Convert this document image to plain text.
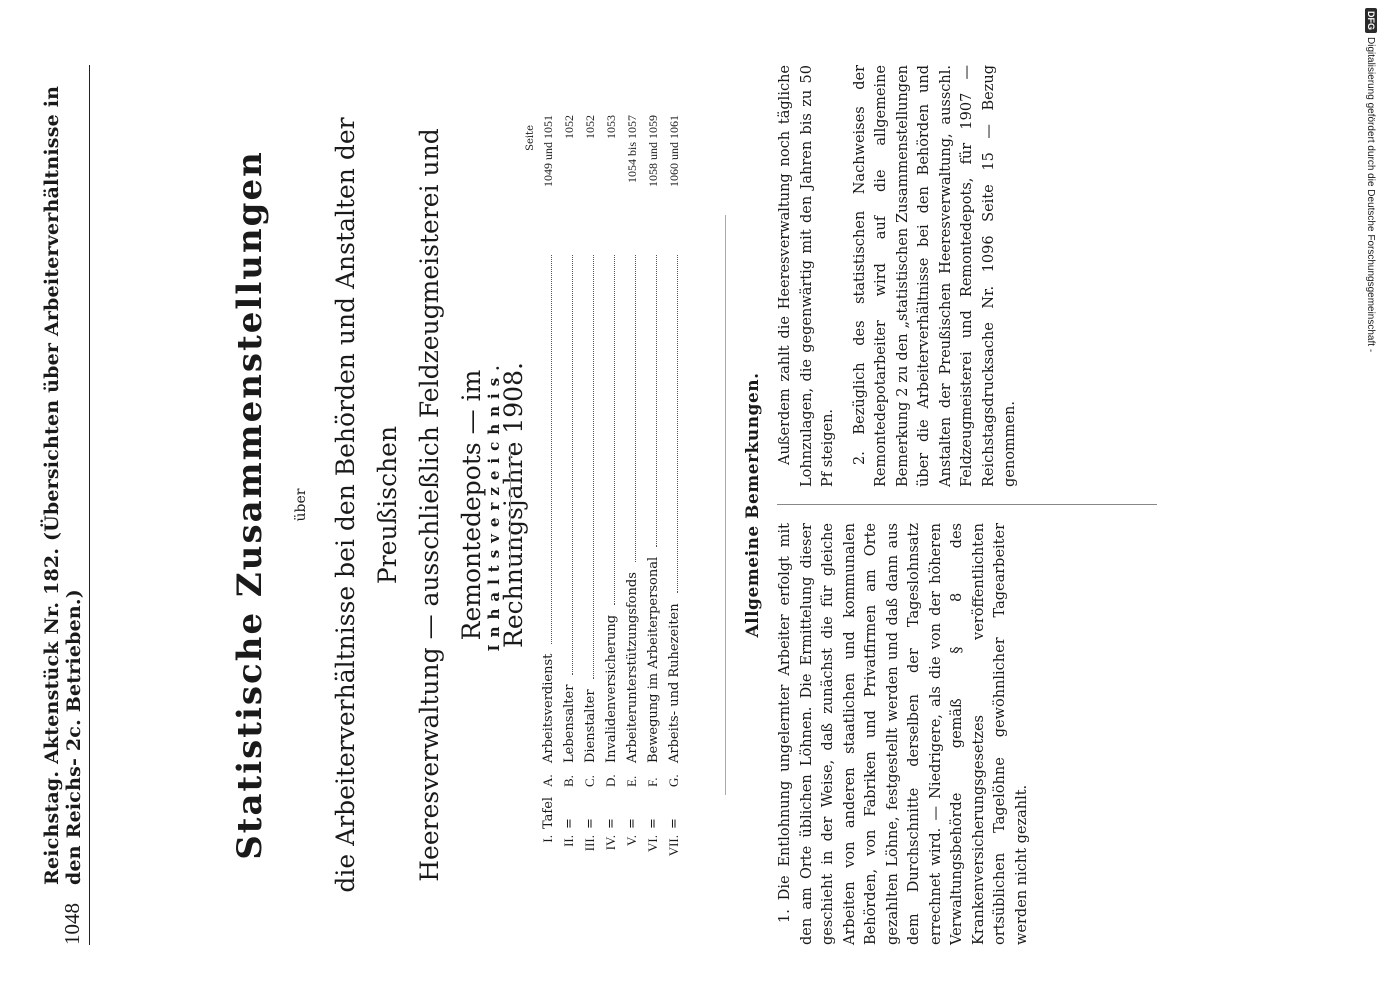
1048
Reichstag. Aktenstück Nr. 182. (Übersichten über Arbeiterverhältnisse in den Reichs- 2c. Betrieben.)	Statistische Zusammenstellungen über die Arbeiterverhältnisse bei den Behörden und Anstalten der Preußischen Heeresverwaltung — ausschließlich Feldzeugmeisterei und Remontedepots — im Rechnungsjahre 1908.
Inhaltsverzeichnis.
Seite
I.
Tafel
A.
Arbeitsverdienst
1049 und 1051
II.
=
B.
Lebensalter
1052
III.
=
C.
Dienstalter
1052
IV.
=
D.
Invalidenversicherung
1053
V.
=
E.
Arbeiterunterstützungsfonds
1054 bis 1057
VI.
=
F.
Bewegung im Arbeiterpersonal
1058 und 1059
VII.
=
G.
Arbeits- und Ruhezeiten
1060 und 1061
Allgemeine Bemerkungen.

1. Die Entlohnung ungelernter Arbeiter erfolgt mit den am Orte üblichen Löhnen. Die Ermittelung dieser geschieht in der Weise, daß zunächst die für gleiche Arbeiten von anderen staatlichen und kommunalen Behörden, von Fabriken und Privatfirmen am Orte gezahlten Löhne, festgestellt werden und daß dann aus dem Durchschnitte derselben der Tageslohnsatz errechnet wird. — Niedrigere, als die von der höheren Verwaltungsbehörde gemäß § 8 des Krankenversicherungsgesetzes veröffentlichten ortsüblichen Tagelöhne gewöhnlicher Tagearbeiter werden nicht gezahlt.

Außerdem zahlt die Heeresverwaltung noch tägliche Lohnzulagen, die gegenwärtig mit den Jahren bis zu 50 Pf steigen. 2. Bezüglich des statistischen Nachweises der Remontedepotarbeiter wird auf die allgemeine Bemerkung 2 zu den „statistischen Zusammenstellungen über die Arbeiterverhältnisse bei den Behörden und Anstalten der Preußischen Heeresverwaltung, ausschl. Feldzeugmeisterei und Remontedepots, für 1907 — Reichstagsdrucksache Nr. 1096 Seite 15 — Bezug genommen.

DFG
Digitalisierung gefördert durch die Deutsche Forschungsgemeinschaft -
